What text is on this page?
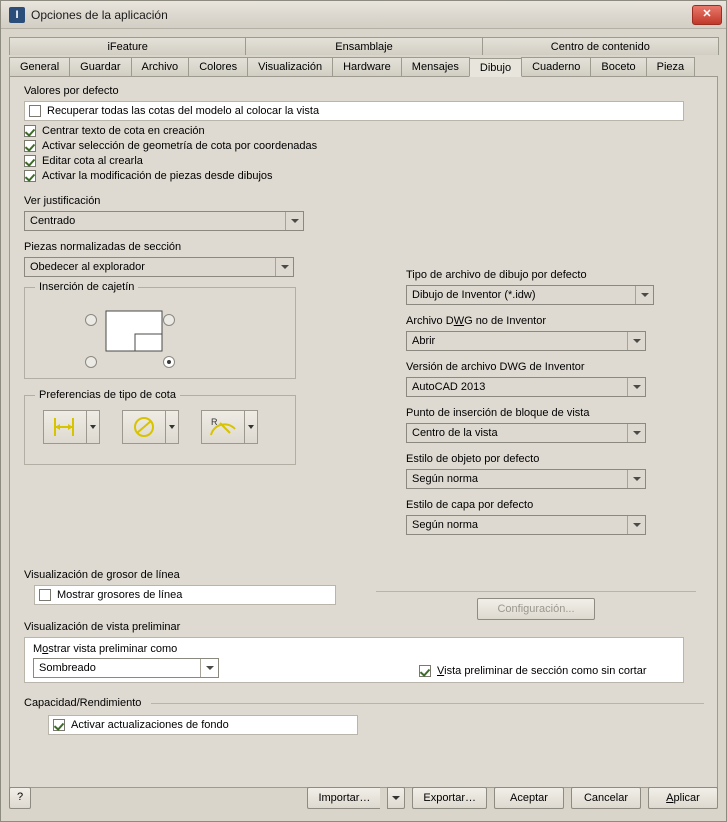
I	Opciones de la aplicación	✕
iFeature	Ensamblaje	Centro de contenido
General	Guardar	Archivo	Colores	Visualización	Hardware	Mensajes	Dibujo	Cuaderno	Boceto	Pieza
Valores por defecto
Recuperar todas las cotas del modelo al colocar la vista
Centrar texto de cota en creación
Activar selección de geometría de cota por coordenadas
Editar cota al crearla
Activar la modificación de piezas desde dibujos
Ver justificación
Centrado
Piezas normalizadas de sección
Obedecer al explorador
Inserción de cajetín
Preferencias de tipo de cota
R
Tipo de archivo de dibujo por defecto
Dibujo de Inventor (*.idw)
Archivo DWG no de Inventor
Abrir
Versión de archivo DWG de Inventor
AutoCAD 2013
Punto de inserción de bloque de vista
Centro de la vista
Estilo de objeto por defecto
Según norma
Estilo de capa por defecto
Según norma
Visualización de grosor de línea
Mostrar grosores de línea
Configuración...
Visualización de vista preliminar
Mostrar vista preliminar como
Sombreado	Vista preliminar de sección como sin cortar
Capacidad/Rendimiento
Activar actualizaciones de fondo
?	Importar…	Exportar…	Aceptar	Cancelar	A plicar
